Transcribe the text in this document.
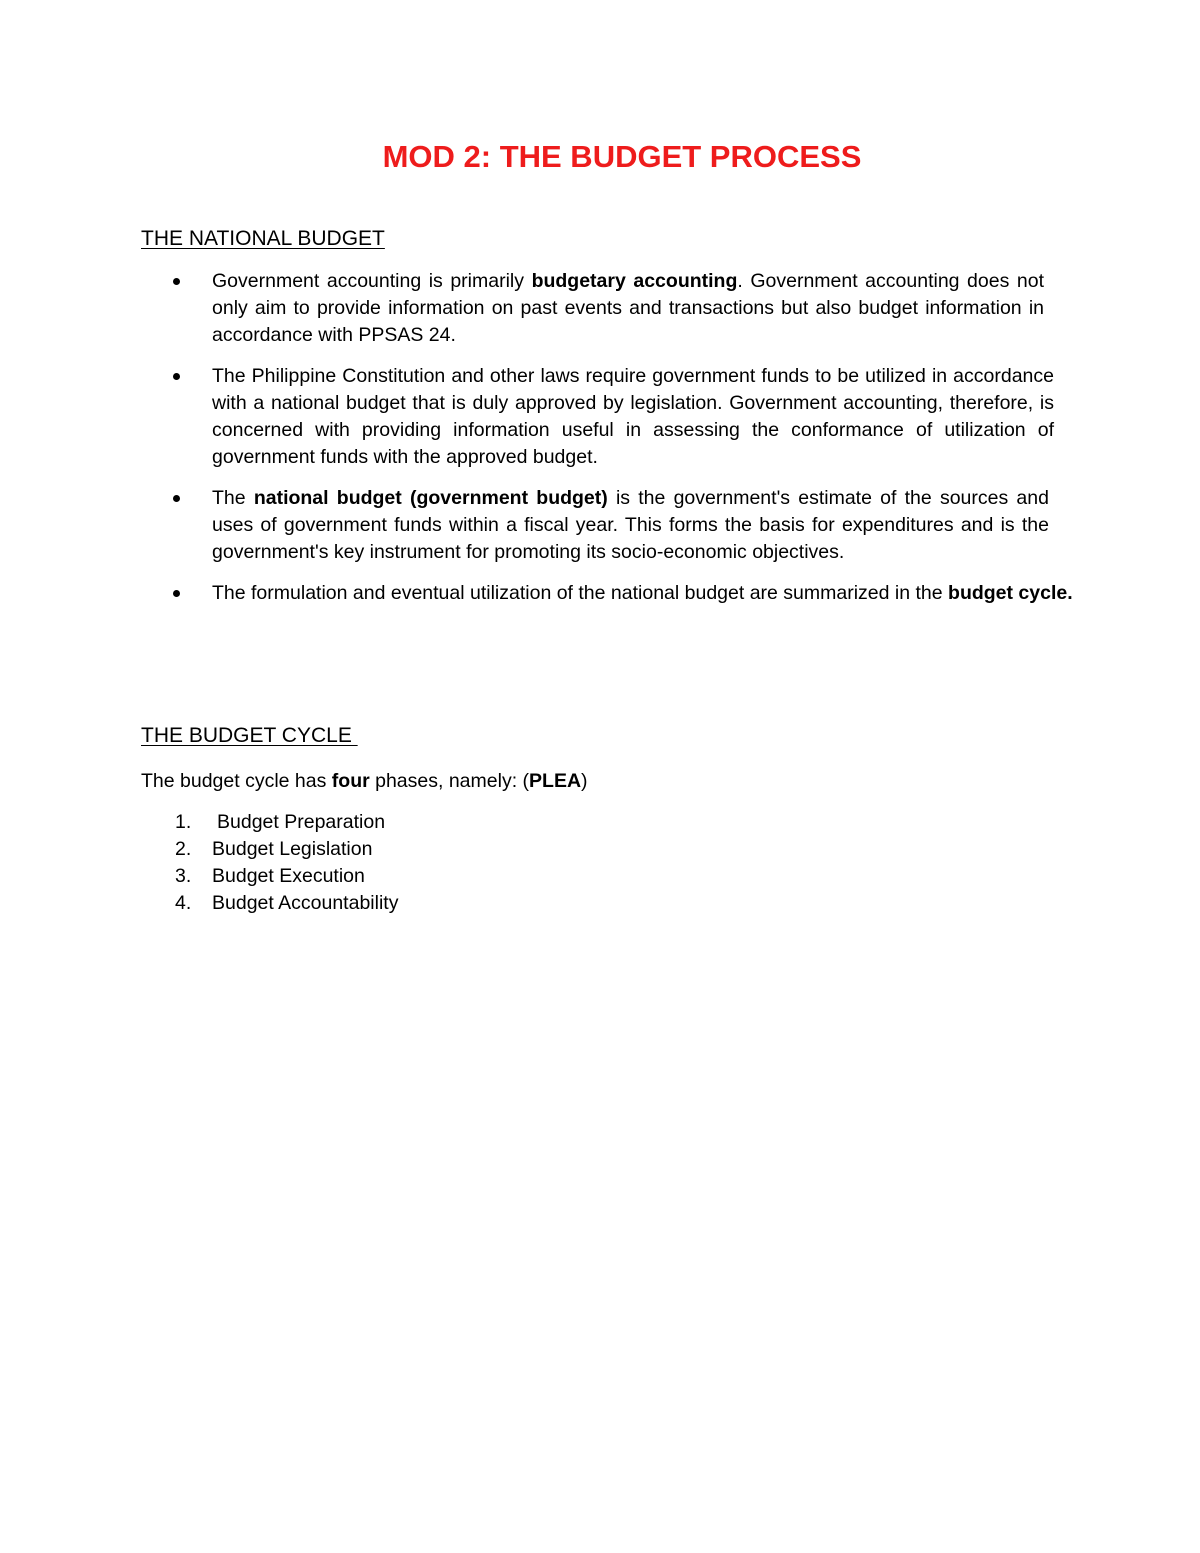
MOD 2: THE BUDGET PROCESS
THE NATIONAL BUDGET
Government accounting is primarily budgetary accounting. Government accounting does not only aim to provide information on past events and transactions but also budget information in accordance with PPSAS 24.
The Philippine Constitution and other laws require government funds to be utilized in accordance with a national budget that is duly approved by legislation. Government accounting, therefore, is concerned with providing information useful in assessing the conformance of utilization of government funds with the approved budget.
The national budget (government budget) is the government's estimate of the sources and uses of government funds within a fiscal year. This forms the basis for expenditures and is the government's key instrument for promoting its socio-economic objectives.
The formulation and eventual utilization of the national budget are summarized in the budget cycle.
THE BUDGET CYCLE

The budget cycle has four phases, namely: (PLEA)

1. Budget Preparation
2. Budget Legislation
3. Budget Execution
4. Budget Accountability
